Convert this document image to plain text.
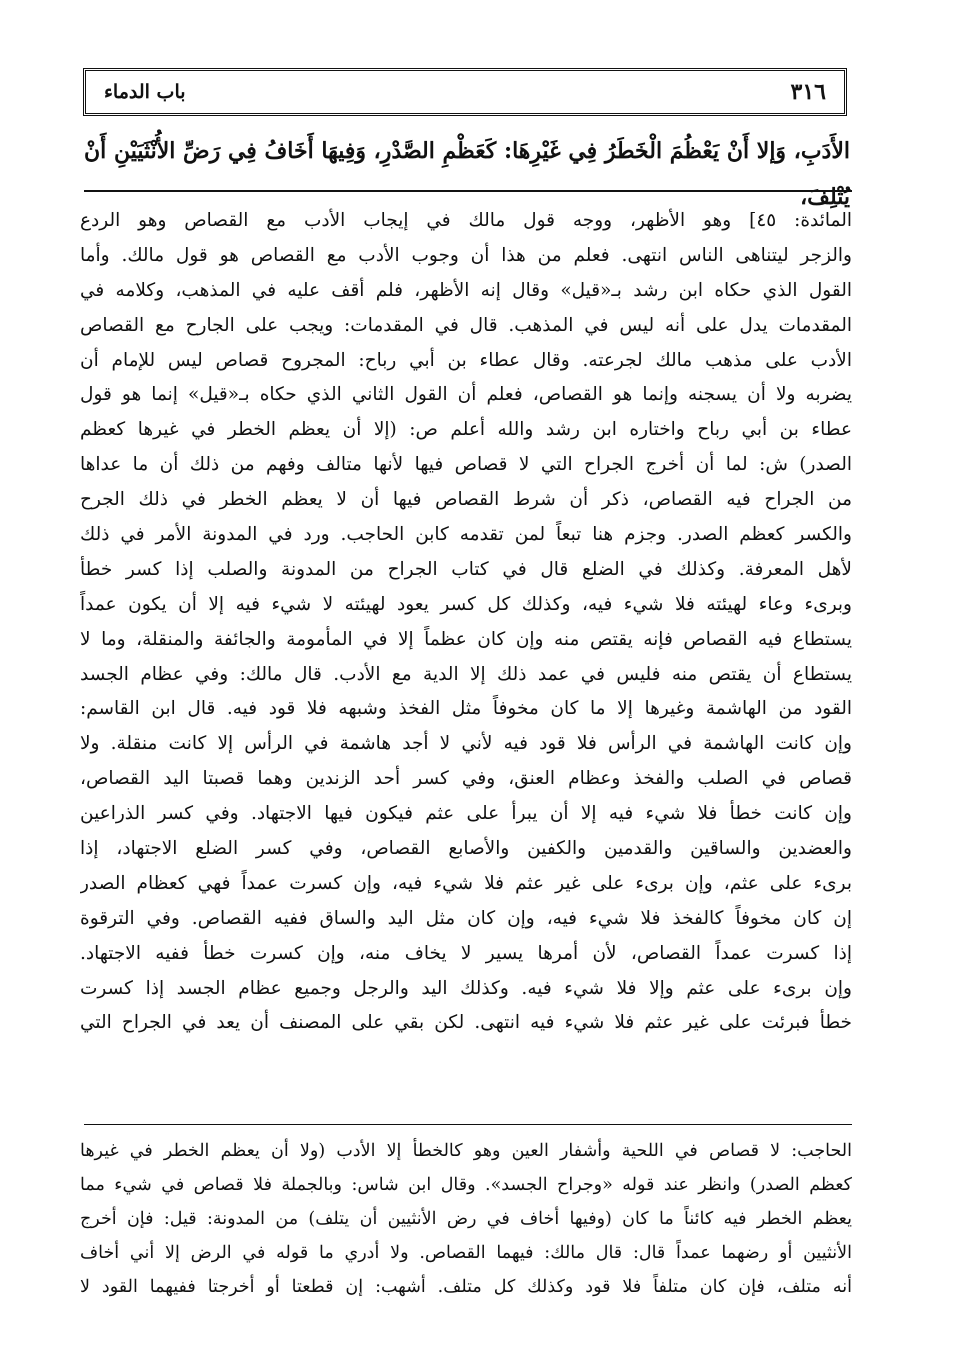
٣١٦
باب الدماء

الأَدَبِ، وَإلا أَنْ يَعْظُمَ الْخَطَرُ فِي غَيْرِهَا: كَعَظْمِ الصَّدْرِ، وَفِيهَا أَخَافُ فِي رَضِّ الأُنْثَيَيْنِ أَنْ يُتْلِفَ،

المائدة: ٤٥] وهو الأظهر، ووجه قول مالك في إيجاب الأدب مع القصاص وهو الردع
والزجر ليتناهى الناس انتهى. فعلم من هذا أن وجوب الأدب مع القصاص هو قول مالك. وأما
القول الذي حكاه ابن رشد بـ«قيل» وقال إنه الأظهر، فلم أقف عليه في المذهب، وكلامه في
المقدمات يدل على أنه ليس في المذهب. قال في المقدمات: ويجب على الجارح مع القصاص
الأدب على مذهب مالك لجرعته. وقال عطاء بن أبي رباح: المجروح قصاص ليس للإمام أن
يضربه ولا أن يسجنه وإنما هو القصاص، فعلم أن القول الثاني الذي حكاه بـ«قيل» إنما هو قول
عطاء بن أبي رباح واختاره ابن رشد والله أعلم ص: (إلا أن يعظم الخطر في غيرها كعظم
الصدر) ش: لما أن أخرج الجراح التي لا قصاص فيها لأنها متالف وفهم من ذلك أن ما عداها
من الجراح فيه القصاص، ذكر أن شرط القصاص فيها أن لا يعظم الخطر في ذلك الجرح
والكسر كعظم الصدر. وجزم هنا تبعاً لمن تقدمه كابن الحاجب. ورد في المدونة الأمر في ذلك
لأهل المعرفة. وكذلك في الضلع قال في كتاب الجراح من المدونة والصلب إذا كسر خطأ
وبرىء وعاء لهيئته فلا شيء فيه، وكذلك كل كسر يعود لهيئته لا شيء فيه إلا أن يكون عمداً
يستطاع فيه القصاص فإنه يقتص منه وإن كان عظماً إلا في المأمومة والجائفة والمنقلة، وما لا
يستطاع أن يقتص منه فليس في عمد ذلك إلا الدية مع الأدب. قال مالك: وفي عظام الجسد
القود من الهاشمة وغيرها إلا ما كان مخوفاً مثل الفخذ وشبهه فلا قود فيه. قال ابن القاسم:
وإن كانت الهاشمة في الرأس فلا قود فيه لأني لا أجد هاشمة في الرأس إلا كانت منقلة. ولا
قصاص في الصلب والفخذ وعظام العنق، وفي كسر أحد الزندين وهما قصبتا اليد القصاص،
وإن كانت خطأ فلا شيء فيه إلا أن يبرأ على عثم فيكون فيها الاجتهاد. وفي كسر الذراعين
والعضدين والساقين والقدمين والكفين والأصابع القصاص، وفي كسر الضلع الاجتهاد، إذا
برىء على عثم، وإن برىء على غير عثم فلا شيء فيه، وإن كسرت عمداً فهي كعظام الصدر
إن كان مخوفاً كالفخذ فلا شيء فيه، وإن كان مثل اليد والساق ففيه القصاص. وفي الترقوة
إذا كسرت عمداً القصاص، لأن أمرها يسير لا يخاف منه، وإن كسرت خطأ ففيه الاجتهاد.
وإن برىء على عثم وإلا فلا شيء فيه. وكذلك اليد والرجل وجميع عظام الجسد إذا كسرت
خطأ فبرئت على غير عثم فلا شيء فيه انتهى. لكن بقي على المصنف أن يعد في الجراح التي
الحاجب: لا قصاص في اللحية وأشفار العين وهو كالخطأ إلا الأدب (ولا أن يعظم الخطر في غيرها
كعظم الصدر) وانظر عند قوله «وجراح الجسد». وقال ابن شاس: وبالجملة فلا قصاص في شيء مما
يعظم الخطر فيه كائناً ما كان (وفيها أخاف في رض الأنثيين أن يتلف) من المدونة: قيل: فإن أخرج
الأنثيين أو رضهما عمداً قال: قال مالك: فيهما القصاص. ولا أدري ما قوله في الرض إلا أني أخاف
أنه متلف، فإن كان متلفاً فلا قود وكذلك كل متلف. أشهب: إن قطعتا أو أخرجتا ففيهما القود لا
